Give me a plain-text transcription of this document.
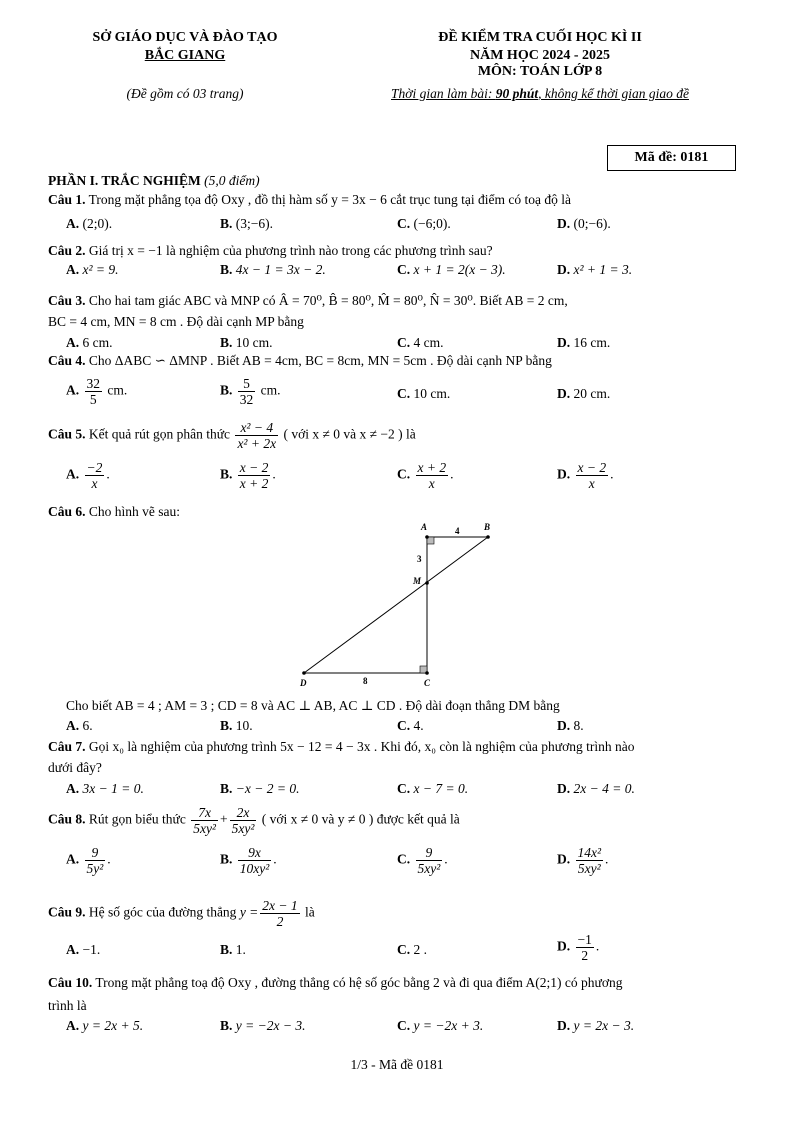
SỞ GIÁO DỤC VÀ ĐÀO TẠO
BẮC GIANG
(Đề gồm có 03 trang)
ĐỀ KIỂM TRA CUỐI HỌC KÌ II
NĂM HỌC 2024 - 2025
MÔN: TOÁN LỚP 8
Thời gian làm bài: 90 phút, không kể thời gian giao đề
Mã đề: 0181
PHẦN I. TRẮC NGHIỆM (5,0 điểm)
Câu 1. Trong mặt phẳng tọa độ Oxy , đồ thị hàm số y = 3x − 6 cắt trục tung tại điểm có toạ độ là
A. (2;0).	B. (3;−6).	C. (−6;0).	D. (0;−6).
Câu 2. Giá trị x = −1 là nghiệm của phương trình nào trong các phương trình sau?
A. x² = 9.	B. 4x − 1 = 3x − 2.	C. x + 1 = 2(x − 3).	D. x² + 1 = 3.
Câu 3. Cho hai tam giác ABC và MNP có Â = 70⁰, B̂ = 80⁰, M̂ = 80⁰, N̂ = 30⁰. Biết AB = 2 cm,
BC = 4 cm, MN = 8 cm . Độ dài cạnh MP bằng
A. 6 cm.	B. 10 cm.	C. 4 cm.	D. 16 cm.
Câu 4. Cho ΔABC ∽ ΔMNP . Biết AB = 4cm, BC = 8cm, MN = 5cm . Độ dài cạnh NP bằng
A. $\frac{32}{5}$ cm.	B. $\frac{5}{32}$ cm.	C. 10 cm.	D. 20 cm.
Câu 5. Kết quả rút gọn phân thức $\frac{\text{x² − 4}}{\text{x² + 2x}}$ ( với x ≠ 0 và x ≠ −2 ) là
A. $\frac{-2}{x}$ .	B. $\frac{x - 2}{x + 2}$ .	C. $\frac{x + 2}{x}$ .	D. $\frac{x - 2}{x}$ .
Câu 6. Cho hình vẽ sau:
A	B
M
C
D
4
3
8
Cho biết AB = 4 ; AM = 3 ; CD = 8 và AC ⊥ AB, AC ⊥ CD . Độ dài đoạn thẳng DM bằng
A. 6.	B. 10.	C. 4.	D. 8.
Câu 7. Gọi x₀ là nghiệm của phương trình 5x − 12 = 4 − 3x . Khi đó, x₀ còn là nghiệm của phương trình nào
dưới đây?
A. 3x − 1 = 0.	B. −x − 2 = 0.	C. x − 7 = 0.	D. 2x − 4 = 0.
Câu 8. Rút gọn biểu thức $\frac{7x}{\text{5xy²}} + \frac{2x}{\text{5xy²}}$ ( với x ≠ 0 và y ≠ 0 ) được kết quả là
A. $\frac{9}{\text{5y²}}$ .	B. $\frac{9x}{\text{10xy²}}$ .	C. $\frac{9}{\text{5xy²}}$ .	D. $\frac{\text{14x²}}{\text{5xy²}}$ .
Câu 9. Hệ số góc của đường thẳng $y = \frac{2x - 1}{2}$ là
A. −1.	B. 1.	C. 2 .	D. $\frac{-1}{2}$ .
Câu 10. Trong mặt phẳng toạ độ Oxy , đường thẳng có hệ số góc bằng 2 và đi qua điểm A(2;1) có phương
trình là
A. y = 2x + 5.	B. y = −2x − 3.	C. y = −2x + 3.	D. y = 2x − 3.
1/3 - Mã đề 0181
